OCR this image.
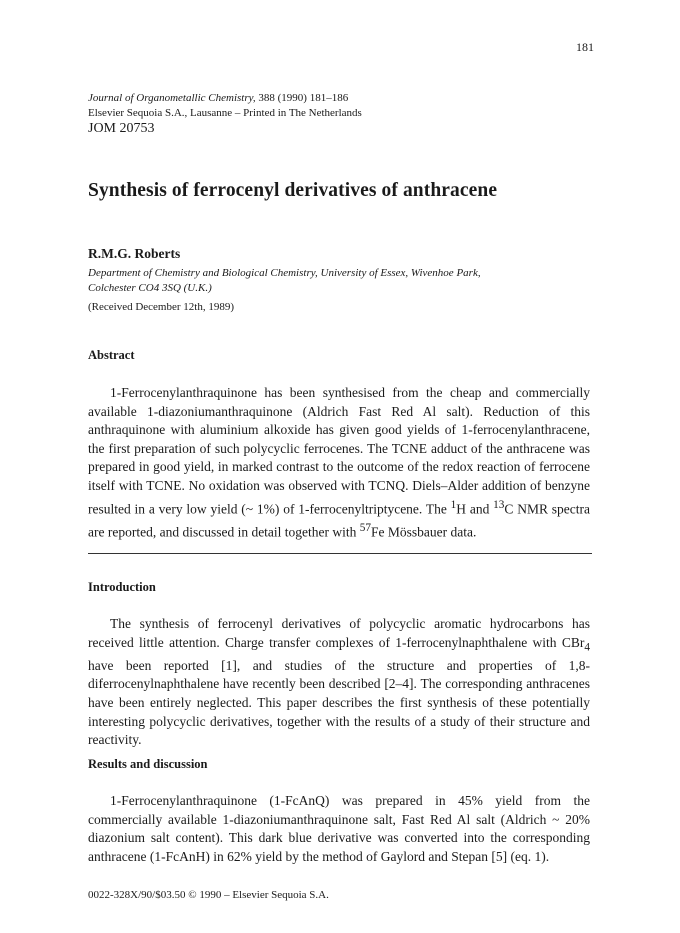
181
Journal of Organometallic Chemistry, 388 (1990) 181–186
Elsevier Sequoia S.A., Lausanne – Printed in The Netherlands
JOM 20753
Synthesis of ferrocenyl derivatives of anthracene
R.M.G. Roberts
Department of Chemistry and Biological Chemistry, University of Essex, Wivenhoe Park,
Colchester CO4 3SQ (U.K.)
(Received December 12th, 1989)
Abstract
1-Ferrocenylanthraquinone has been synthesised from the cheap and commercially available 1-diazoniumanthraquinone (Aldrich Fast Red Al salt). Reduction of this anthraquinone with aluminium alkoxide has given good yields of 1-ferrocenylanthracene, the first preparation of such polycyclic ferrocenes. The TCNE adduct of the anthracene was prepared in good yield, in marked contrast to the outcome of the redox reaction of ferrocene itself with TCNE. No oxidation was observed with TCNQ. Diels–Alder addition of benzyne resulted in a very low yield (~ 1%) of 1-ferrocenyltriptycene. The $^1$H and $^{13}$C NMR spectra are reported, and discussed in detail together with $^{57}$Fe Mössbauer data.
Introduction
The synthesis of ferrocenyl derivatives of polycyclic aromatic hydrocarbons has received little attention. Charge transfer complexes of 1-ferrocenylnaphthalene with CBr$_4$ have been reported [1], and studies of the structure and properties of 1,8-diferrocenylnaphthalene have recently been described [2–4]. The corresponding anthracenes have been entirely neglected. This paper describes the first synthesis of these potentially interesting polycyclic derivatives, together with the results of a study of their structure and reactivity.
Results and discussion
1-Ferrocenylanthraquinone (1-FcAnQ) was prepared in 45% yield from the commercially available 1-diazoniumanthraquinone salt, Fast Red Al salt (Aldrich ~ 20% diazonium salt content). This dark blue derivative was converted into the corresponding anthracene (1-FcAnH) in 62% yield by the method of Gaylord and Stepan [5] (eq. 1).
0022-328X/90/$03.50 © 1990 – Elsevier Sequoia S.A.
